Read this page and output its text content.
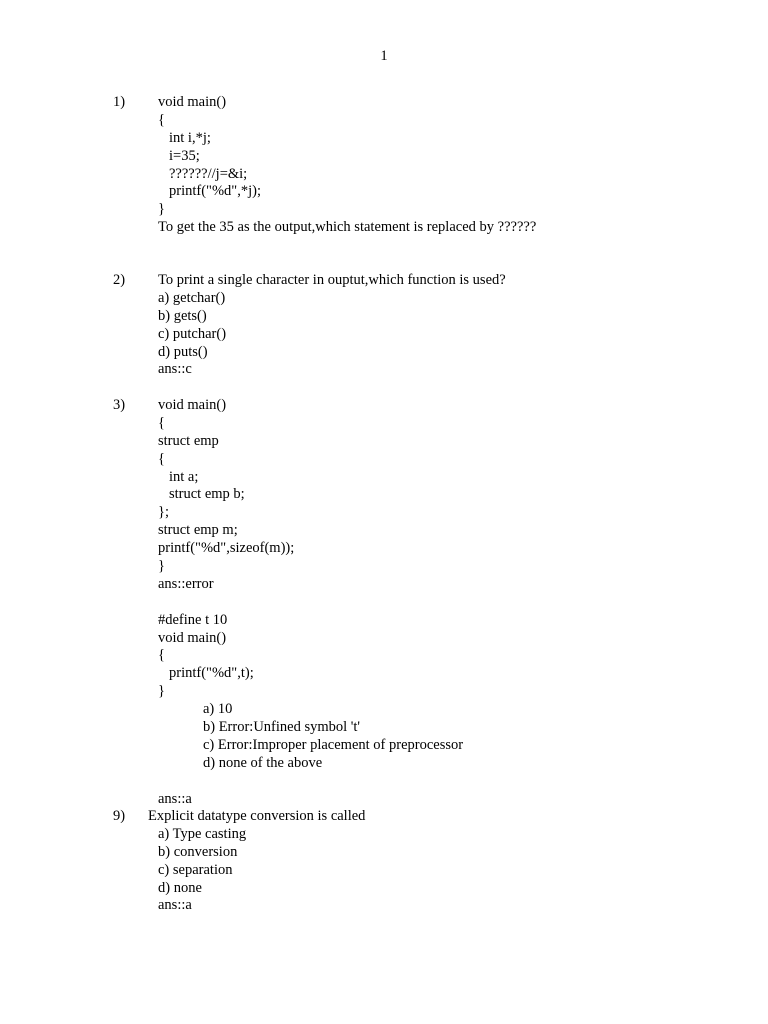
1
1) void main()
{
int i,*j;
i=35;
??????//j=&i;
printf("%d",*j);
}
To get the 35 as the output,which statement is replaced by ??????
2) To print a single character in ouptut,which function is used?
a) getchar()
b) gets()
c) putchar()
d) puts()
ans::c
3) void main()
{
struct emp
{
int a;
struct emp b;
};
struct emp m;
printf("%d",sizeof(m));
}
ans::error
#define t 10
void main()
{
printf("%d",t);
}
a) 10
b) Error:Unfined symbol 't'
c) Error:Improper placement of preprocessor
d) none of the above
ans::a
9) Explicit datatype conversion is called
a) Type casting
b) conversion
c) separation
d) none
ans::a
